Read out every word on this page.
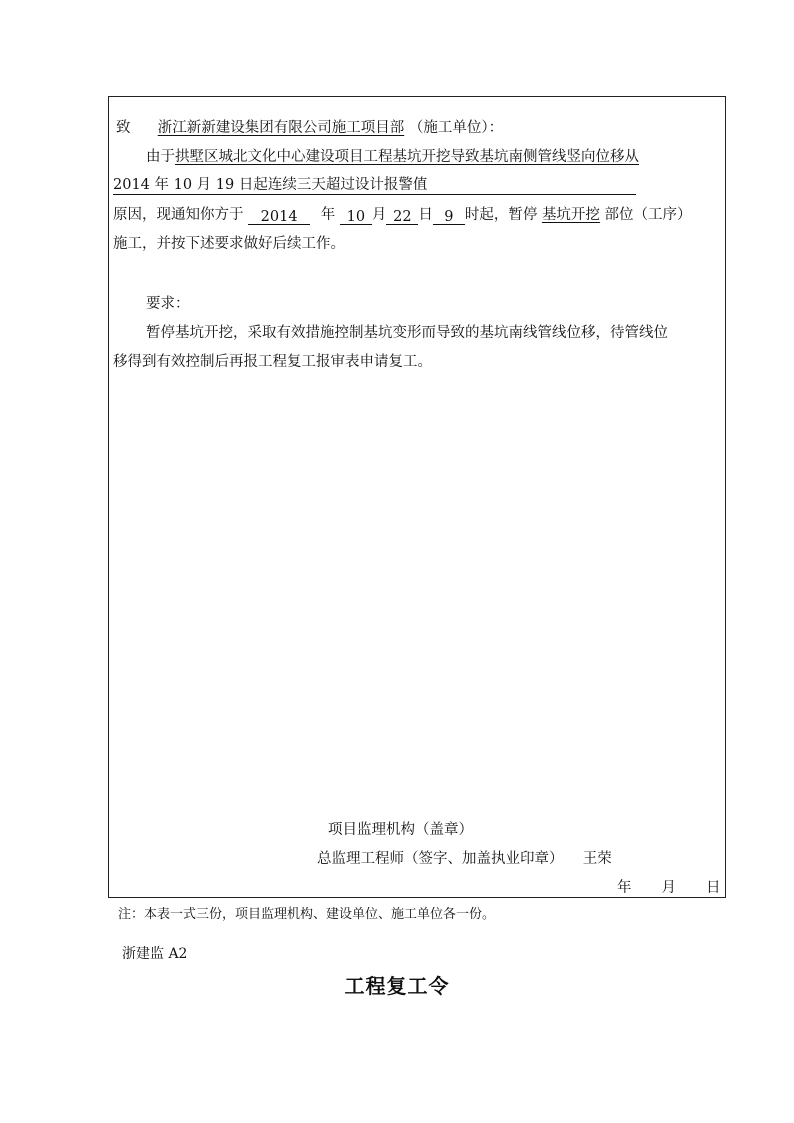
致 浙江新新建设集团有限公司施工项目部 （施工单位）：
由于拱墅区城北文化中心建设项目工程基坑开挖导致基坑南侧管线竖向位移从
2014 年 10 月 19 日起连续三天超过设计报警值
原因，现通知你方于 2014 年 10 月 22 日 9 时起，暂停 基坑开挖 部位（工序）
施工，并按下述要求做好后续工作。
要求：
暂停基坑开挖，采取有效措施控制基坑变形而导致的基坑南线管线位移，待管线位
移得到有效控制后再报工程复工报审表申请复工。
项目监理机构（盖章）
总监理工程师（签字、加盖执业印章） 王荣
年 月 日
注：本表一式三份，项目监理机构、建设单位、施工单位各一份。
浙建监 A2
工程复工令
